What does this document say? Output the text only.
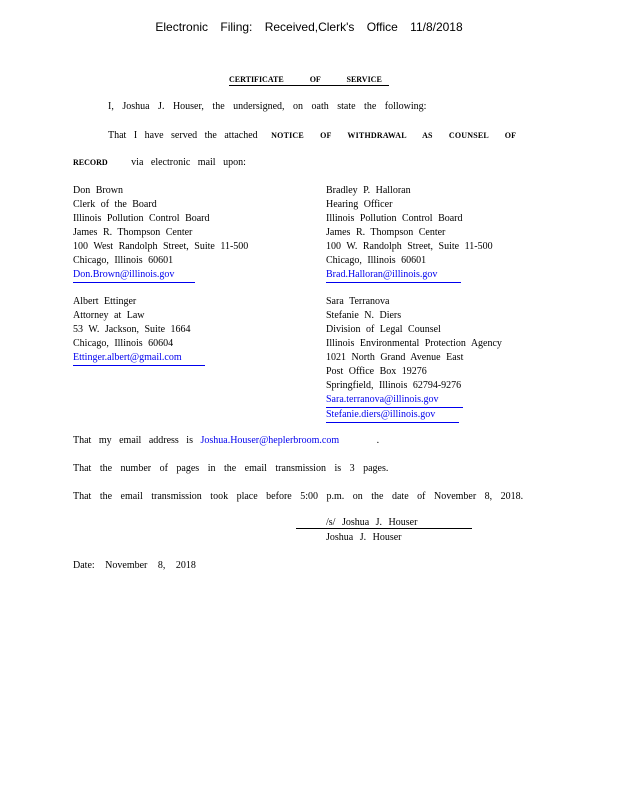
Electronic Filing: Received,Clerk's Office 11/8/2018
CERTIFICATE OF SERVICE
I, Joshua J. Houser, the undersigned, on oath state the following:
That I have served the attached NOTICE OF WITHDRAWAL AS COUNSEL OF
RECORD via electronic mail upon:
Don Brown
Clerk of the Board
Illinois Pollution Control Board
James R. Thompson Center
100 West Randolph Street, Suite 11-500
Chicago, Illinois 60601
Don.Brown@illinois.gov
Bradley P. Halloran
Hearing Officer
Illinois Pollution Control Board
James R. Thompson Center
100 W. Randolph Street, Suite 11-500
Chicago, Illinois 60601
Brad.Halloran@illinois.gov
Albert Ettinger
Attorney at Law
53 W. Jackson, Suite 1664
Chicago, Illinois 60604
Ettinger.albert@gmail.com
Sara Terranova
Stefanie N. Diers
Division of Legal Counsel
Illinois Environmental Protection Agency
1021 North Grand Avenue East
Post Office Box 19276
Springfield, Illinois 62794-9276
Sara.terranova@illinois.gov
Stefanie.diers@illinois.gov
That my email address is Joshua.Houser@heplerbroom.com	.
That the number of pages in the email transmission is 3 pages.
That the email transmission took place before 5:00 p.m. on the date of November 8, 2018.
/s/ Joshua J. Houser
Joshua J. Houser
Date: November 8, 2018
